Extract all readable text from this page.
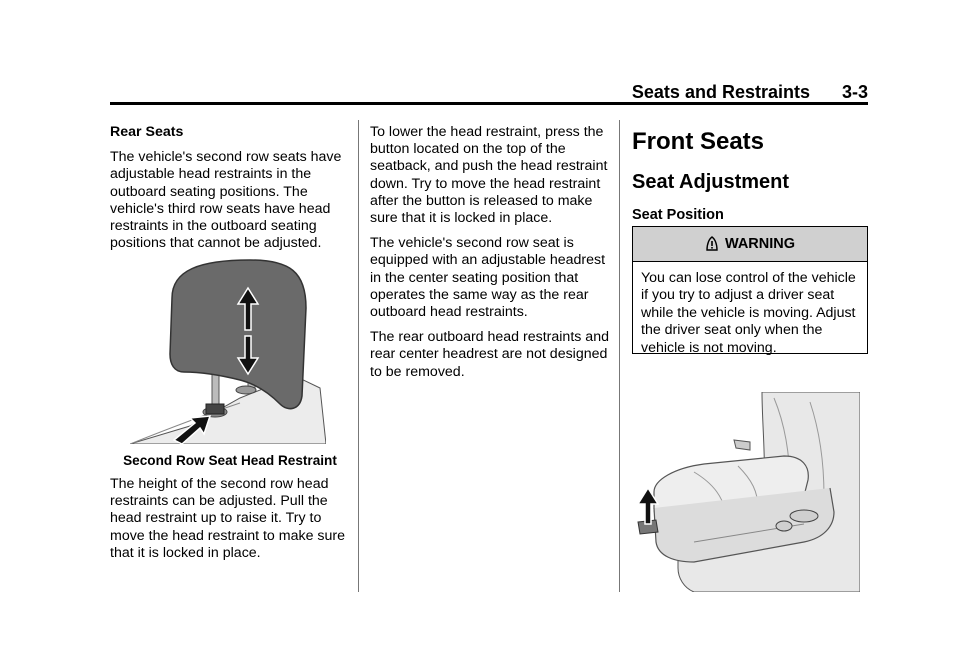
Seats and Restraints 3-3

Rear Seats

The vehicle's second row seats have adjustable head restraints in the outboard seating positions. The vehicle's third row seats have head restraints in the outboard seating positions that cannot be adjusted.

Second Row Seat Head Restraint

The height of the second row head restraints can be adjusted. Pull the head restraint up to raise it. Try to move the head restraint to make sure that it is locked in place.

To lower the head restraint, press the button located on the top of the seatback, and push the head restraint down. Try to move the head restraint after the button is released to make sure that it is locked in place.

The vehicle's second row seat is equipped with an adjustable headrest in the center seating position that operates the same way as the rear outboard head restraints.

The rear outboard head restraints and rear center headrest are not designed to be removed.

Front Seats
Seat Adjustment
Seat Position
WARNING
You can lose control of the vehicle if you try to adjust a driver seat while the vehicle is moving. Adjust the driver seat only when the vehicle is not moving.
